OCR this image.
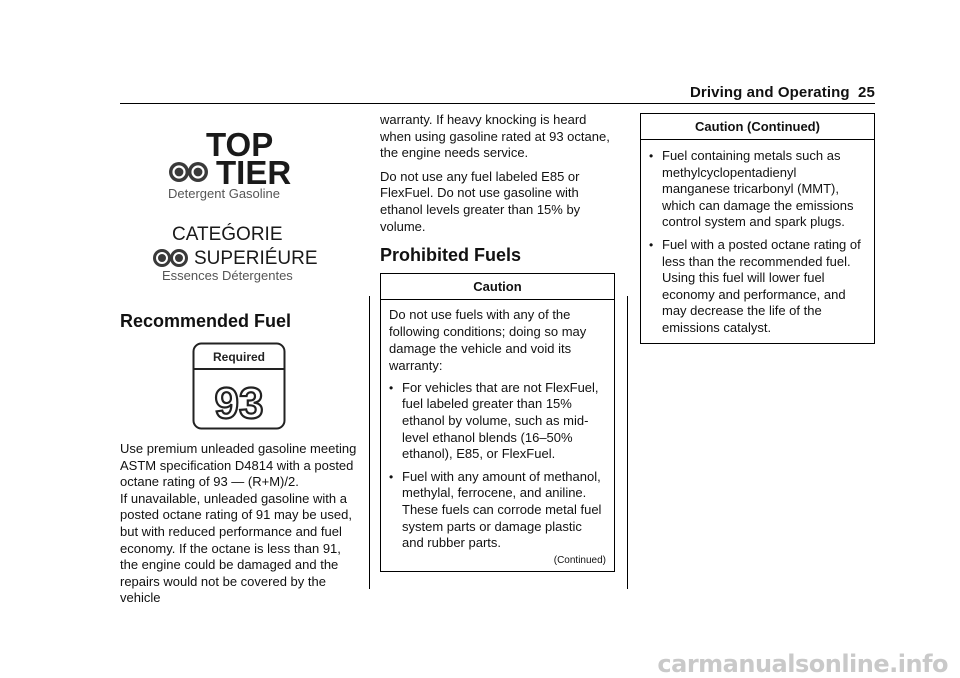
Driving and Operating 25
TOP
TIER
Detergent Gasoline
CATEǴORIE
SUPERIÉURE
Essences Détergentes
Recommended Fuel
Required
93

Use premium unleaded gasoline meeting ASTM specification D4814 with a posted octane rating of 93 — (R+M)/2.

If unavailable, unleaded gasoline with a posted octane rating of 91 may be used, but with reduced performance and fuel economy. If the octane is less than 91, the engine could be damaged and the repairs would not be covered by the vehicle

warranty. If heavy knocking is heard when using gasoline rated at 93 octane, the engine needs service.

Do not use any fuel labeled E85 or FlexFuel. Do not use gasoline with ethanol levels greater than 15% by volume.

Prohibited Fuels
Caution

Do not use fuels with any of the following conditions; doing so may damage the vehicle and void its warranty:

• For vehicles that are not FlexFuel, fuel labeled greater than 15% ethanol by volume, such as mid-level ethanol blends (16–50% ethanol), E85, or FlexFuel.
• Fuel with any amount of methanol, methylal, ferrocene, and aniline. These fuels can corrode metal fuel system parts or damage plastic and rubber parts.
(Continued)
Caution (Continued)
• Fuel containing metals such as methylcyclopentadienyl manganese tricarbonyl (MMT), which can damage the emissions control system and spark plugs.
• Fuel with a posted octane rating of less than the recommended fuel. Using this fuel will lower fuel economy and performance, and may decrease the life of the emissions catalyst.
carmanualsonline.info
